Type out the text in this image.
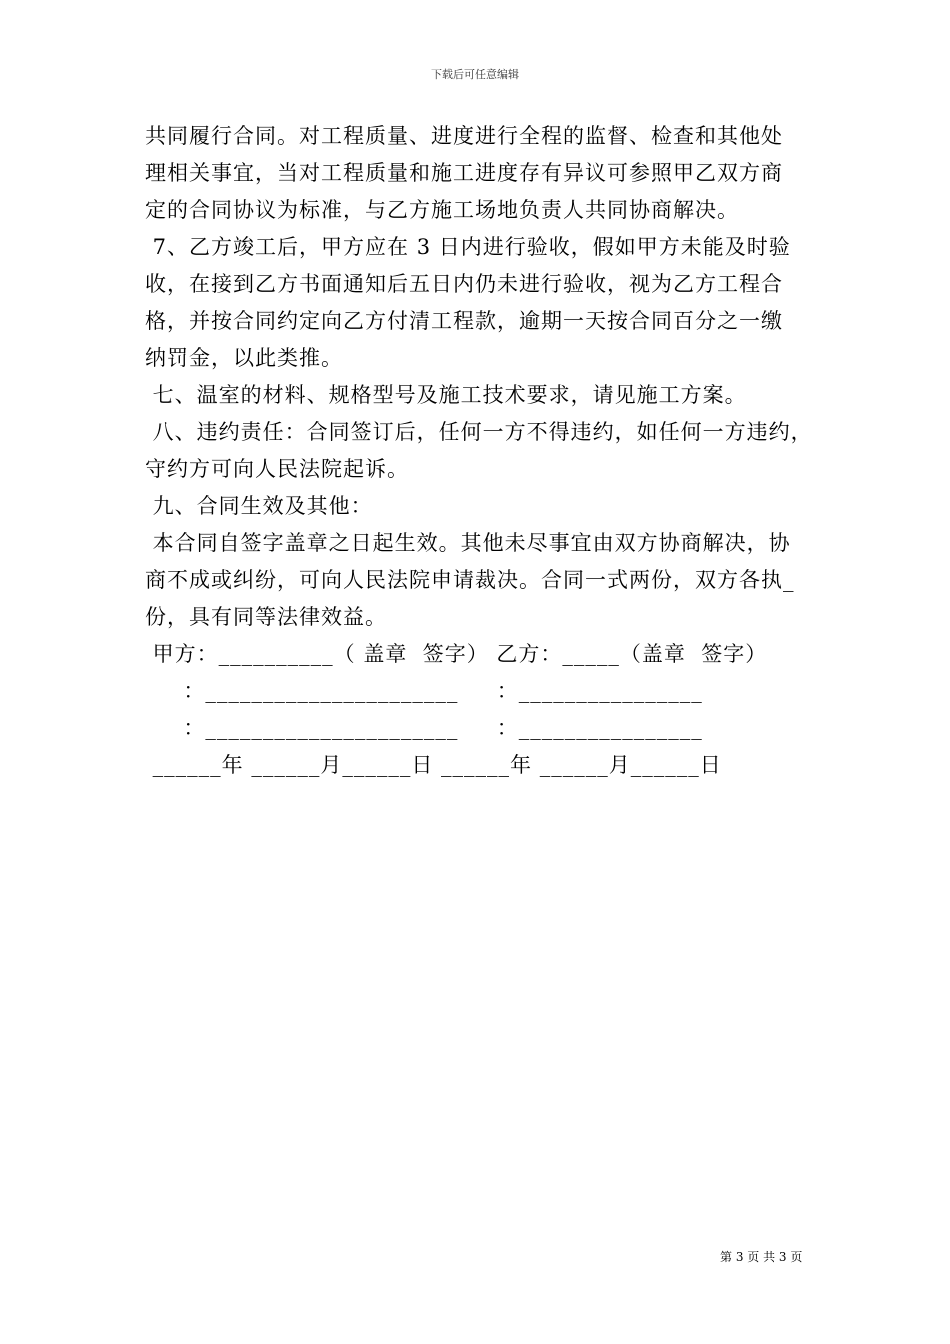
下载后可任意编辑
共同履行合同。对工程质量、进度进行全程的监督、检查和其他处
理相关事宜，当对工程质量和施工进度存有异议可参照甲乙双方商
定的合同协议为标准，与乙方施工场地负责人共同协商解决。
7、乙方竣工后，甲方应在 3 日内进行验收，假如甲方未能及时验
收，在接到乙方书面通知后五日内仍未进行验收，视为乙方工程合
格，并按合同约定向乙方付清工程款，逾期一天按合同百分之一缴
纳罚金，以此类推。
七、温室的材料、规格型号及施工技术要求，请见施工方案。
八、违约责任：合同签订后，任何一方不得违约，如任何一方违约，
守约方可向人民法院起诉。
九、合同生效及其他：
本合同自签字盖章之日起生效。其他未尽事宜由双方协商解决，协
商不成或纠纷，可向人民法院申请裁决。合同一式两份，双方各执_
份，具有同等法律效益。
甲方：__________（ 盖章  签字） 乙方：_____（盖章  签字）
：______________________     ：________________
：______________________     ：________________
______年 ______月______日 ______年 ______月______日
第 3 页 共 3 页
